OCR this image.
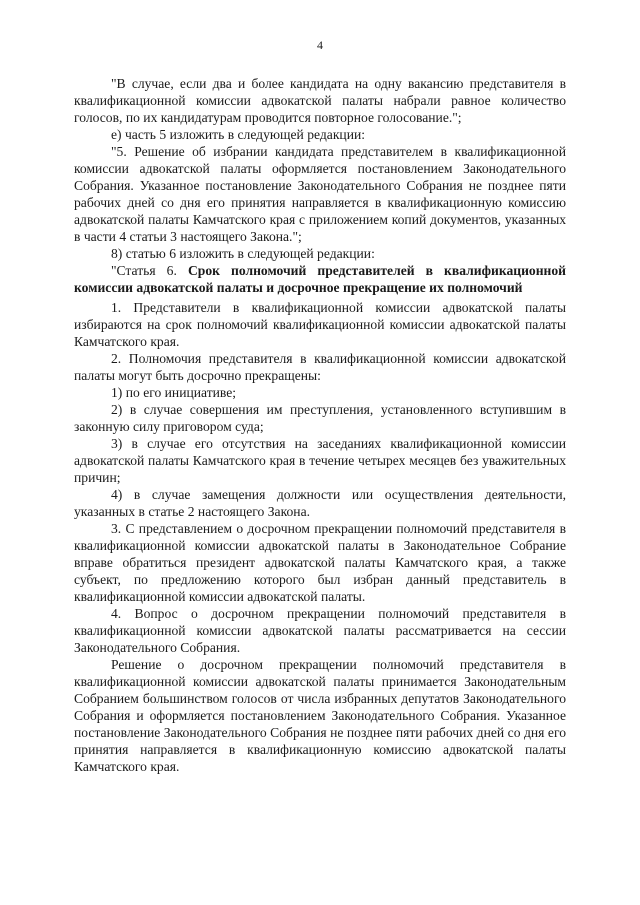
4

"В случае, если два и более кандидата на одну вакансию представителя в квалификационной комиссии адвокатской палаты набрали равное количество голосов, по их кандидатурам проводится повторное голосование.";

е) часть 5 изложить в следующей редакции:

"5. Решение об избрании кандидата представителем в квалификационной комиссии адвокатской палаты оформляется постановлением Законодательного Собрания. Указанное постановление Законодательного Собрания не позднее пяти рабочих дней со дня его принятия направляется в квалификационную комиссию адвокатской палаты Камчатского края с приложением копий документов, указанных в части 4 статьи 3 настоящего Закона.";

8) статью 6 изложить в следующей редакции:

"Статья 6. Срок полномочий представителей в квалификационной комиссии адвокатской палаты и досрочное прекращение их полномочий

1. Представители в квалификационной комиссии адвокатской палаты избираются на срок полномочий квалификационной комиссии адвокатской палаты Камчатского края.

2. Полномочия представителя в квалификационной комиссии адвокатской палаты могут быть досрочно прекращены:

1) по его инициативе;

2) в случае совершения им преступления, установленного вступившим в законную силу приговором суда;

3) в случае его отсутствия на заседаниях квалификационной комиссии адвокатской палаты Камчатского края в течение четырех месяцев без уважительных причин;

4) в случае замещения должности или осуществления деятельности, указанных в статье 2 настоящего Закона.

3. С представлением о досрочном прекращении полномочий представителя в квалификационной комиссии адвокатской палаты в Законодательное Собрание вправе обратиться президент адвокатской палаты Камчатского края, а также субъект, по предложению которого был избран данный представитель в квалификационной комиссии адвокатской палаты.

4. Вопрос о досрочном прекращении полномочий представителя в квалификационной комиссии адвокатской палаты рассматривается на сессии Законодательного Собрания.

Решение о досрочном прекращении полномочий представителя в квалификационной комиссии адвокатской палаты принимается Законодательным Собранием большинством голосов от числа избранных депутатов Законодательного Собрания и оформляется постановлением Законодательного Собрания. Указанное постановление Законодательного Собрания не позднее пяти рабочих дней со дня его принятия направляется в квалификационную комиссию адвокатской палаты Камчатского края.
